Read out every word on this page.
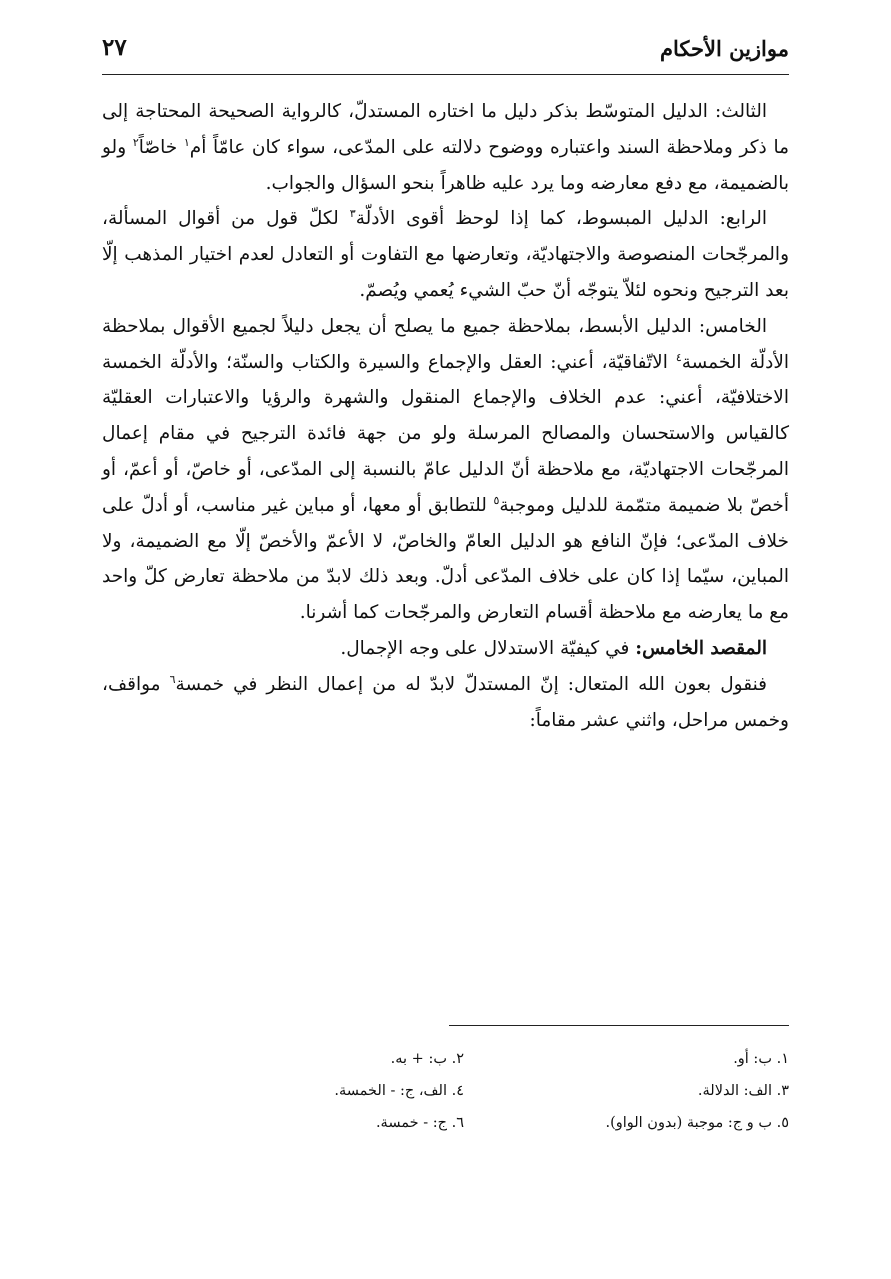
موازين الأحكام
٢٧

الثالث: الدليل المتوسّط بذكر دليل ما اختاره المستدلّ، كالرواية الصحيحة المحتاجة إلى ما ذكر وملاحظة السند واعتباره ووضوح دلالته على المدّعى، سواء كان عامّاً أم$^١$ خاصّاً$^٢$ ولو بالضميمة، مع دفع معارضه وما يرد عليه ظاهراً بنحو السؤال والجواب.

الرابع: الدليل المبسوط، كما إذا لوحظ أقوى الأدلّة$^٣$ لكلّ قول من أقوال المسألة، والمرجّحات المنصوصة والاجتهاديّة، وتعارضها مع التفاوت أو التعادل لعدم اختيار المذهب إلّا بعد الترجيح ونحوه لئلاّ يتوجّه أنّ حبّ الشيء يُعمي ويُصمّ.

الخامس: الدليل الأبسط، بملاحظة جميع ما يصلح أن يجعل دليلاً لجميع الأقوال بملاحظة الأدلّة الخمسة$^٤$ الاتّفاقيّة، أعني: العقل والإجماع والسيرة والكتاب والسنّة؛ والأدلّة الخمسة الاختلافيّة، أعني: عدم الخلاف والإجماع المنقول والشهرة والرؤيا والاعتبارات العقليّة كالقياس والاستحسان والمصالح المرسلة ولو من جهة فائدة الترجيح في مقام إعمال المرجّحات الاجتهاديّة، مع ملاحظة أنّ الدليل عامّ بالنسبة إلى المدّعى، أو خاصّ، أو أعمّ، أو أخصّ بلا ضميمة متمّمة للدليل وموجبة$^٥$ للتطابق أو معها، أو مباين غير مناسب، أو أدلّ على خلاف المدّعى؛ فإنّ النافع هو الدليل العامّ والخاصّ، لا الأعمّ والأخصّ إلّا مع الضميمة، ولا المباين، سيّما إذا كان على خلاف المدّعى أدلّ. وبعد ذلك لابدّ من ملاحظة تعارض كلّ واحد مع ما يعارضه مع ملاحظة أقسام التعارض والمرجّحات كما أشرنا.

المقصد الخامس: في كيفيّة الاستدلال على وجه الإجمال.

فنقول بعون الله المتعال: إنّ المستدلّ لابدّ له من إعمال النظر في خمسة$^٦$ مواقف، وخمس مراحل، واثني عشر مقاماً:

١. ب: أو.
٢. ب: + به.
٣. الف: الدلالة.
٤. الف، ج: - الخمسة.
٥. ب و ج: موجبة (بدون الواو).
٦. ج: - خمسة.
